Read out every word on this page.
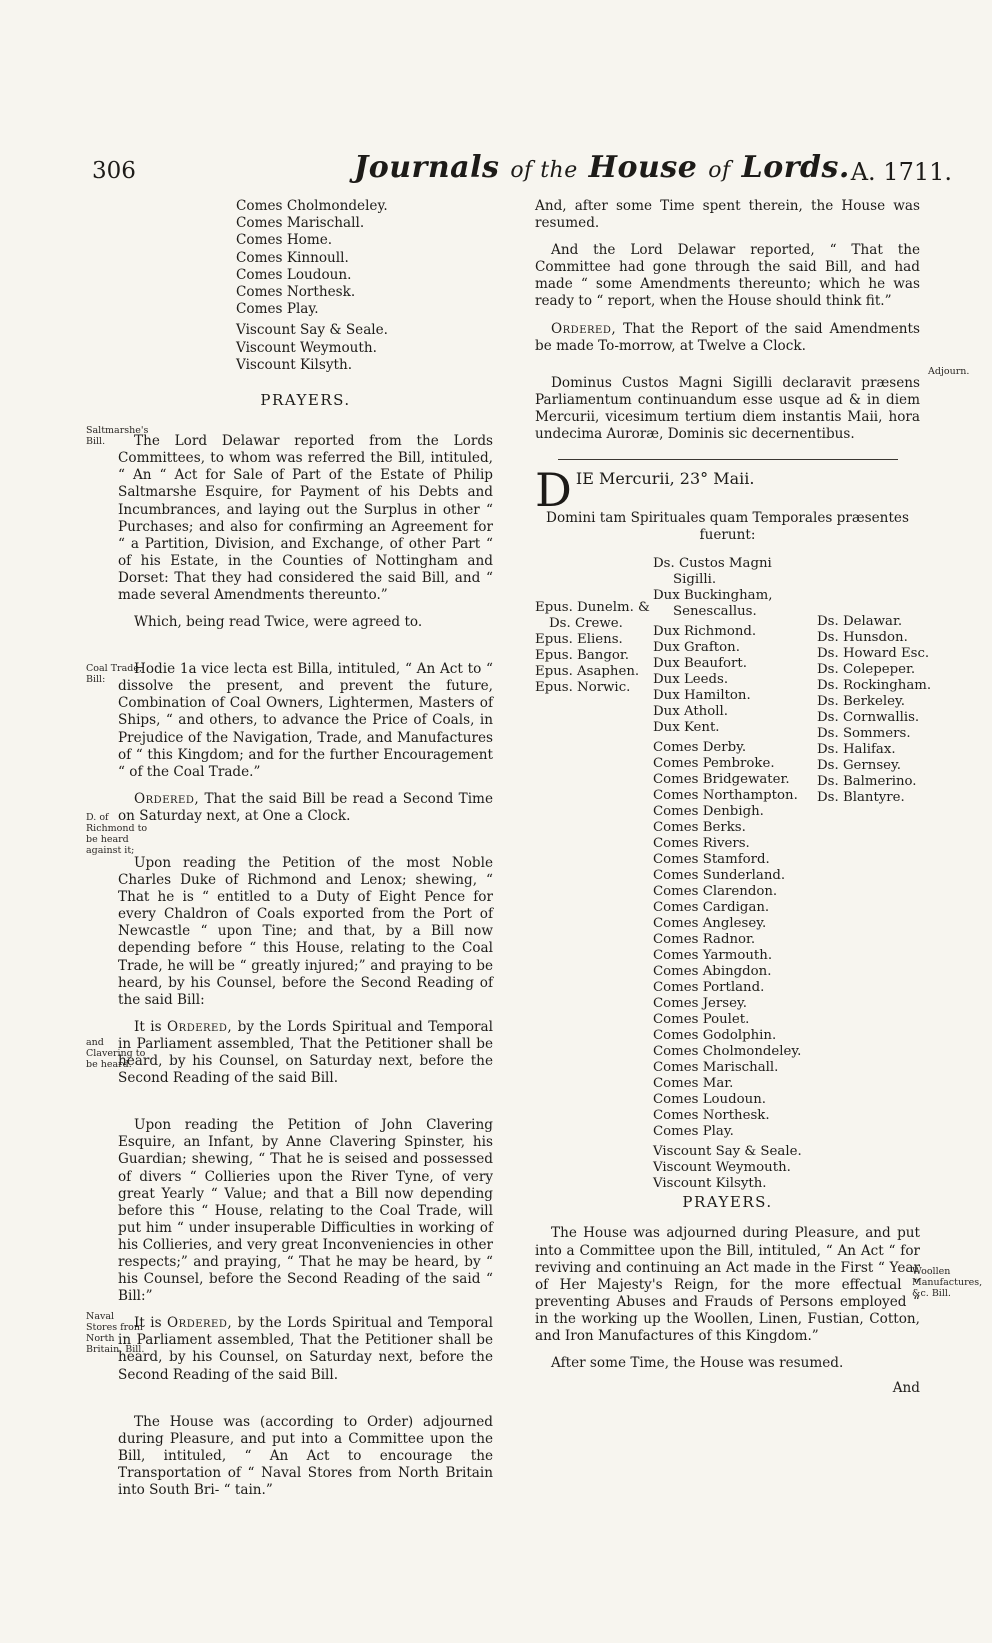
306	Journals of the House of Lords. A. 1711.
Saltmarshe's Bill.
Coal Trade, Bill:
D. of Richmond to be heard against it;
and Clavering to be heard.
Naval Stores from North Britain, Bill.
Adjourn.
Woollen Manufactures, &c. Bill.
Comes Cholmondeley.
Comes Marischall.
Comes Home.
Comes Kinnoull.
Comes Loudoun.
Comes Northesk.
Comes Play.
Viscount Say & Seale.
Viscount Weymouth.
Viscount Kilsyth.
PRAYERS.

The Lord Delawar reported from the Lords Committees, to whom was referred the Bill, intituled, “ An “ Act for Sale of Part of the Estate of Philip Saltmarshe Esquire, for Payment of his Debts and Incumbrances, and laying out the Surplus in other “ Purchases; and also for confirming an Agreement for “ a Partition, Division, and Exchange, of other Part “ of his Estate, in the Counties of Nottingham and Dorset: That they had considered the said Bill, and “ made several Amendments thereunto.”

Which, being read Twice, were agreed to.

Hodie 1a vice lecta est Billa, intituled, “ An Act to “ dissolve the present, and prevent the future, Combination of Coal Owners, Lightermen, Masters of Ships, “ and others, to advance the Price of Coals, in Prejudice of the Navigation, Trade, and Manufactures of “ this Kingdom; and for the further Encouragement “ of the Coal Trade.”

Ordered, That the said Bill be read a Second Time on Saturday next, at One a Clock.

Upon reading the Petition of the most Noble Charles Duke of Richmond and Lenox; shewing, “ That he is “ entitled to a Duty of Eight Pence for every Chaldron of Coals exported from the Port of Newcastle “ upon Tine; and that, by a Bill now depending before “ this House, relating to the Coal Trade, he will be “ greatly injured;” and praying to be heard, by his Counsel, before the Second Reading of the said Bill:

It is Ordered, by the Lords Spiritual and Temporal in Parliament assembled, That the Petitioner shall be heard, by his Counsel, on Saturday next, before the Second Reading of the said Bill.

Upon reading the Petition of John Clavering Esquire, an Infant, by Anne Clavering Spinster, his Guardian; shewing, “ That he is seised and possessed of divers “ Collieries upon the River Tyne, of very great Yearly “ Value; and that a Bill now depending before this “ House, relating to the Coal Trade, will put him “ under insuperable Difficulties in working of his Collieries, and very great Inconveniencies in other respects;” and praying, “ That he may be heard, by “ his Counsel, before the Second Reading of the said “ Bill:”

It is Ordered, by the Lords Spiritual and Temporal in Parliament assembled, That the Petitioner shall be heard, by his Counsel, on Saturday next, before the Second Reading of the said Bill.

The House was (according to Order) adjourned during Pleasure, and put into a Committee upon the Bill, intituled, “ An Act to encourage the Transportation of “ Naval Stores from North Britain into South Bri- “ tain.”

And, after some Time spent therein, the House was resumed.

And the Lord Delawar reported, “ That the Committee had gone through the said Bill, and had made “ some Amendments thereunto; which he was ready to “ report, when the House should think fit.”

Ordered, That the Report of the said Amendments be made To-morrow, at Twelve a Clock.

Dominus Custos Magni Sigilli declaravit præsens Parliamentum continuandum esse usque ad & in diem Mercurii, vicesimum tertium diem instantis Maii, hora undecima Auroræ, Dominis sic decernentibus.

D IE Mercurii, 23° Maii.
Domini tam Spirituales quam Temporales præsentes fuerunt:
Epus. Dunelm. &
Ds. Crewe.
Epus. Eliens.
Epus. Bangor.
Epus. Asaphen.
Epus. Norwic.
Ds. Custos Magni
Sigilli.
Dux Buckingham,
Senescallus.
Dux Richmond.
Dux Grafton.
Dux Beaufort.
Dux Leeds.
Dux Hamilton.
Dux Atholl.
Dux Kent.
Comes Derby.
Comes Pembroke.
Comes Bridgewater.
Comes Northampton.
Comes Denbigh.
Comes Berks.
Comes Rivers.
Comes Stamford.
Comes Sunderland.
Comes Clarendon.
Comes Cardigan.
Comes Anglesey.
Comes Radnor.
Comes Yarmouth.
Comes Abingdon.
Comes Portland.
Comes Jersey.
Comes Poulet.
Comes Godolphin.
Comes Cholmondeley.
Comes Marischall.
Comes Mar.
Comes Loudoun.
Comes Northesk.
Comes Play.
Viscount Say & Seale.
Viscount Weymouth.
Viscount Kilsyth.
Ds. Delawar.
Ds. Hunsdon.
Ds. Howard Esc.
Ds. Colepeper.
Ds. Rockingham.
Ds. Berkeley.
Ds. Cornwallis.
Ds. Sommers.
Ds. Halifax.
Ds. Gernsey.
Ds. Balmerino.
Ds. Blantyre.
PRAYERS.

The House was adjourned during Pleasure, and put into a Committee upon the Bill, intituled, “ An Act “ for reviving and continuing an Act made in the First “ Year of Her Majesty's Reign, for the more effectual “ preventing Abuses and Frauds of Persons employed “ in the working up the Woollen, Linen, Fustian, Cotton, and Iron Manufactures of this Kingdom.”

After some Time, the House was resumed.

And
